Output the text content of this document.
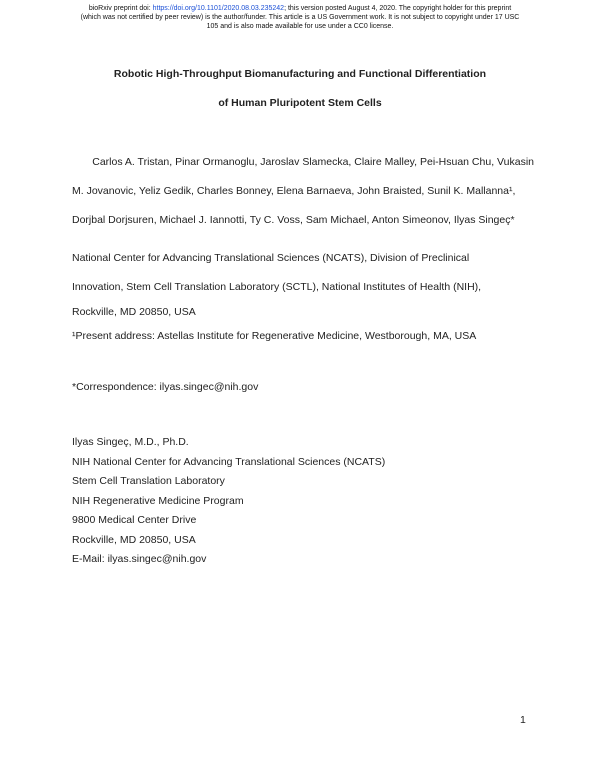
bioRxiv preprint doi: https://doi.org/10.1101/2020.08.03.235242; this version posted August 4, 2020. The copyright holder for this preprint
(which was not certified by peer review) is the author/funder. This article is a US Government work. It is not subject to copyright under 17 USC
105 and is also made available for use under a CC0 license.
Robotic High-Throughput Biomanufacturing and Functional Differentiation
of Human Pluripotent Stem Cells
Carlos A. Tristan, Pinar Ormanoglu, Jaroslav Slamecka, Claire Malley, Pei-Hsuan Chu, Vukasin
M. Jovanovic, Yeliz Gedik, Charles Bonney, Elena Barnaeva, John Braisted, Sunil K. Mallanna¹,
Dorjbal Dorjsuren, Michael J. Iannotti, Ty C. Voss, Sam Michael, Anton Simeonov, Ilyas Singeç*
National Center for Advancing Translational Sciences (NCATS), Division of Preclinical
Innovation, Stem Cell Translation Laboratory (SCTL), National Institutes of Health (NIH),
Rockville, MD 20850, USA
¹Present address: Astellas Institute for Regenerative Medicine, Westborough, MA, USA
*Correspondence: ilyas.singec@nih.gov
Ilyas Singeç, M.D., Ph.D.
NIH National Center for Advancing Translational Sciences (NCATS)
Stem Cell Translation Laboratory
NIH Regenerative Medicine Program
9800 Medical Center Drive
Rockville, MD 20850, USA
E-Mail: ilyas.singec@nih.gov
1
